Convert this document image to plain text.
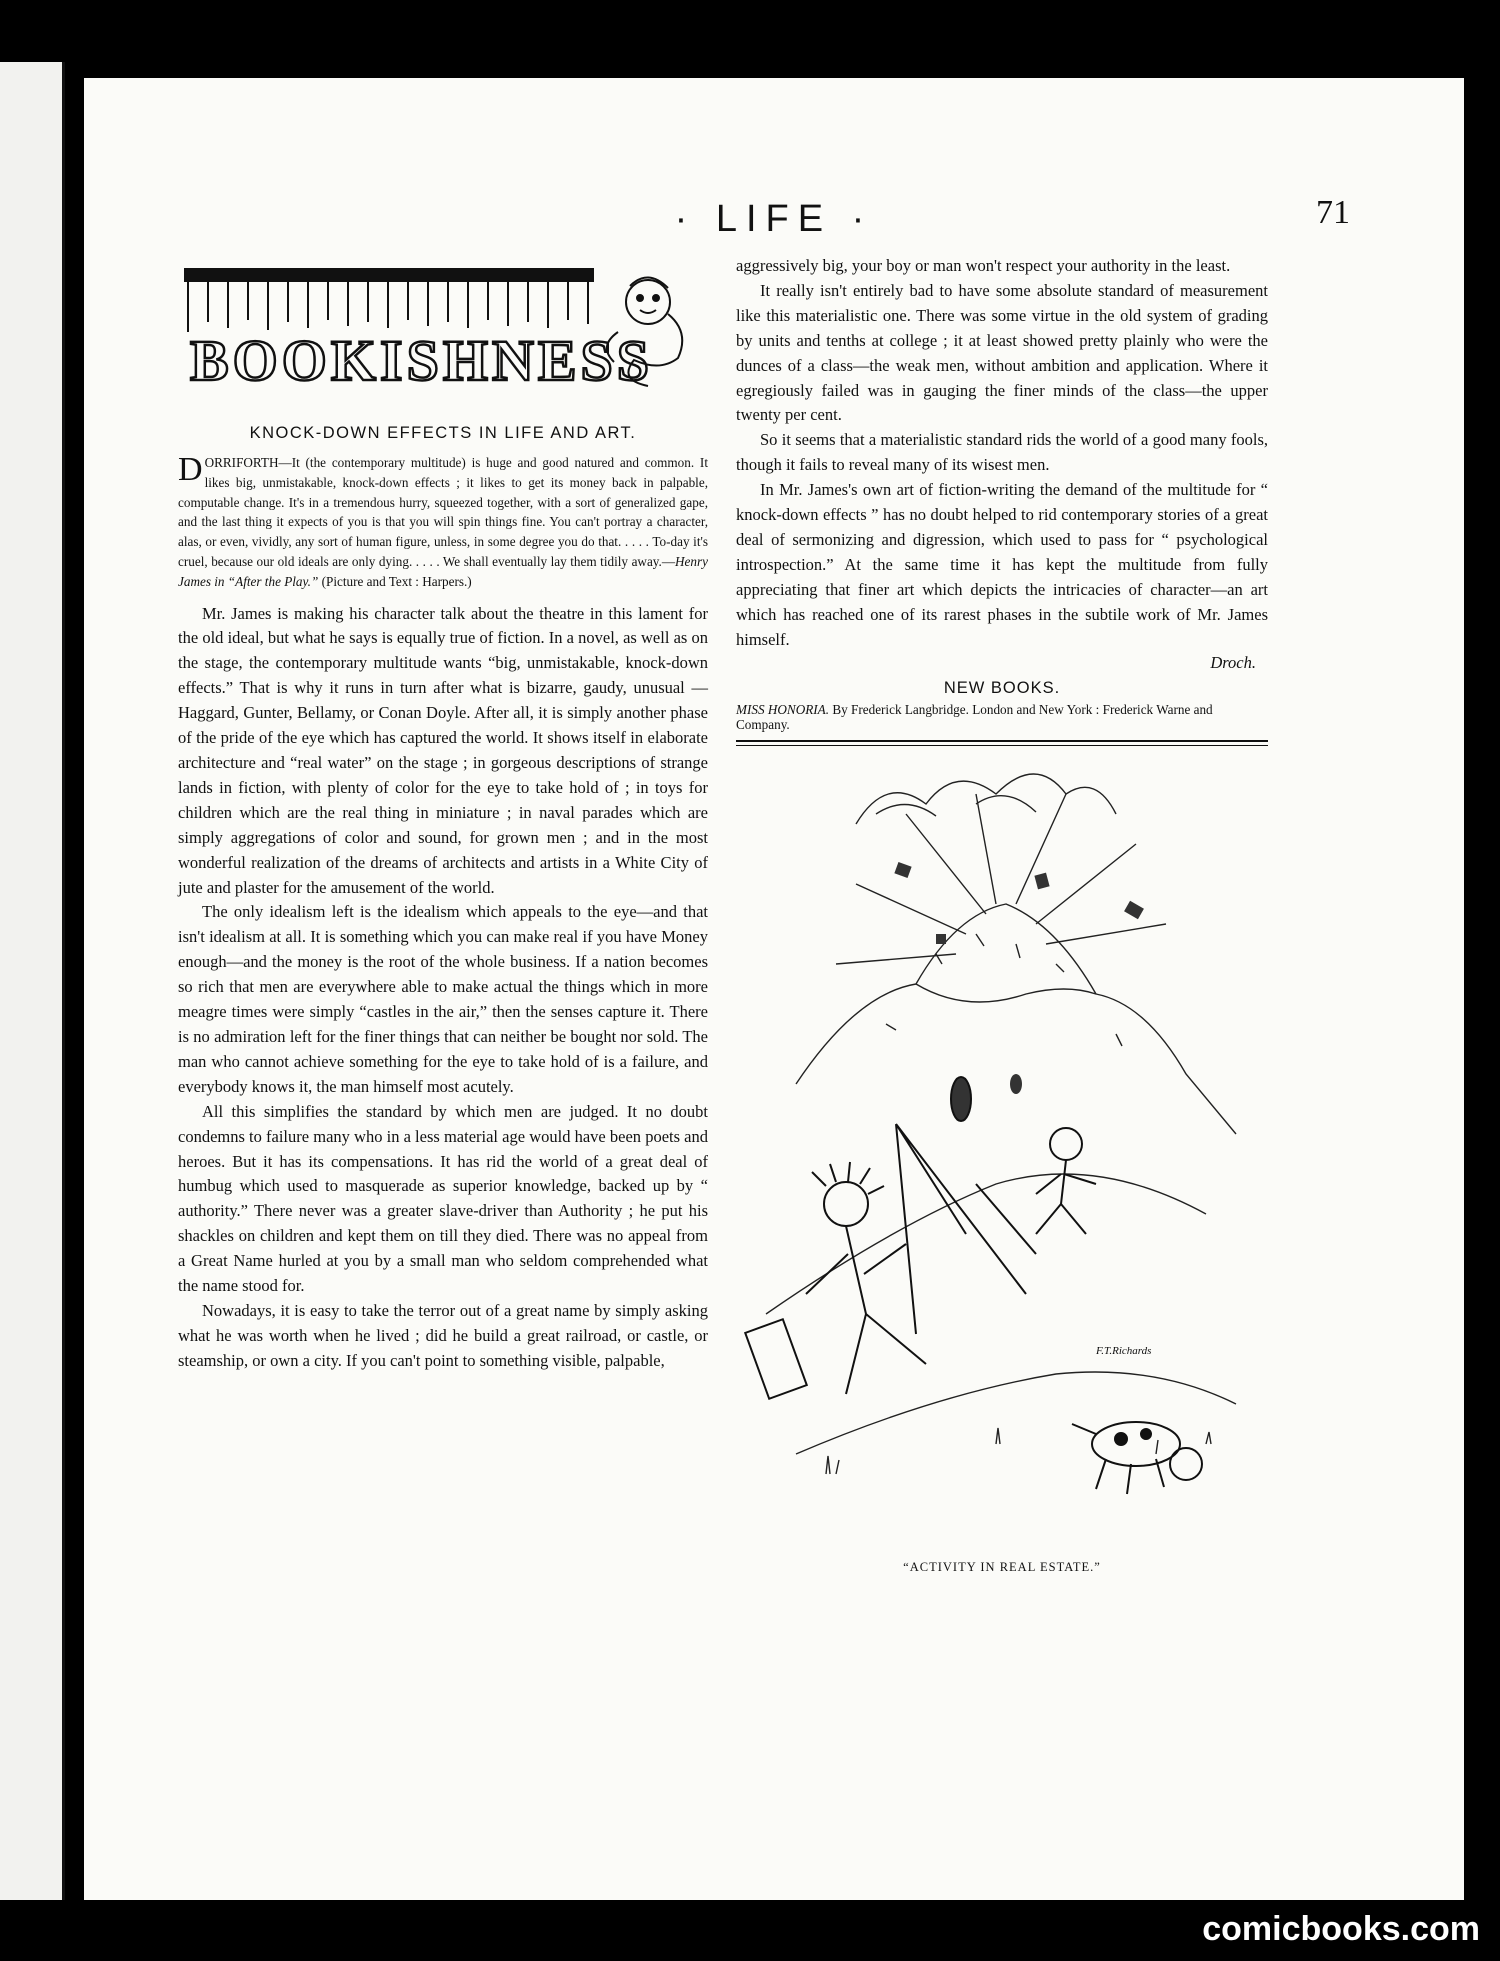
· LIFE ·	71
BOOKISHNESS
KNOCK-DOWN EFFECTS IN LIFE AND ART.
DORRIFORTH—It (the contemporary multitude) is huge and good natured and common. It likes big, unmistakable, knock-down effects ; it likes to get its money back in palpable, computable change. It's in a tremendous hurry, squeezed together, with a sort of generalized gape, and the last thing it expects of you is that you will spin things fine. You can't portray a character, alas, or even, vividly, any sort of human figure, unless, in some degree you do that. . . . . To-day it's cruel, because our old ideals are only dying. . . . . We shall eventually lay them tidily away.—Henry James in “After the Play.” (Picture and Text : Harpers.)

Mr. James is making his character talk about the theatre in this lament for the old ideal, but what he says is equally true of fiction. In a novel, as well as on the stage, the contemporary multitude wants “big, unmistakable, knock-down effects.” That is why it runs in turn after what is bizarre, gaudy, unusual — Haggard, Gunter, Bellamy, or Conan Doyle. After all, it is simply another phase of the pride of the eye which has captured the world. It shows itself in elaborate architecture and “real water” on the stage ; in gorgeous descriptions of strange lands in fiction, with plenty of color for the eye to take hold of ; in toys for children which are the real thing in miniature ; in naval parades which are simply aggregations of color and sound, for grown men ; and in the most wonderful realization of the dreams of architects and artists in a White City of jute and plaster for the amusement of the world.

The only idealism left is the idealism which appeals to the eye—and that isn't idealism at all. It is something which you can make real if you have Money enough—and the money is the root of the whole business. If a nation becomes so rich that men are everywhere able to make actual the things which in more meagre times were simply “castles in the air,” then the senses capture it. There is no admiration left for the finer things that can neither be bought nor sold. The man who cannot achieve something for the eye to take hold of is a failure, and everybody knows it, the man himself most acutely.

All this simplifies the standard by which men are judged. It no doubt condemns to failure many who in a less material age would have been poets and heroes. But it has its compensations. It has rid the world of a great deal of humbug which used to masquerade as superior knowledge, backed up by “ authority.” There never was a greater slave-driver than Authority ; he put his shackles on children and kept them on till they died. There was no appeal from a Great Name hurled at you by a small man who seldom comprehended what the name stood for.

Nowadays, it is easy to take the terror out of a great name by simply asking what he was worth when he lived ; did he build a great railroad, or castle, or steamship, or own a city. If you can't point to something visible, palpable,

aggressively big, your boy or man won't respect your authority in the least.

It really isn't entirely bad to have some absolute standard of measurement like this materialistic one. There was some virtue in the old system of grading by units and tenths at college ; it at least showed pretty plainly who were the dunces of a class—the weak men, without ambition and application. Where it egregiously failed was in gauging the finer minds of the class—the upper twenty per cent.

So it seems that a materialistic standard rids the world of a good many fools, though it fails to reveal many of its wisest men.

In Mr. James's own art of fiction-writing the demand of the multitude for “ knock-down effects ” has no doubt helped to rid contemporary stories of a great deal of sermonizing and digression, which used to pass for “ psychological introspection.” At the same time it has kept the multitude from fully appreciating that finer art which depicts the intricacies of character—an art which has reached one of its rarest phases in the subtile work of Mr. James himself.

Droch.
NEW BOOKS.
MISS HONORIA. By Frederick Langbridge. London and New York : Frederick Warne and Company.
F.T.Richards
“ACTIVITY IN REAL ESTATE.”
comicbooks.com
